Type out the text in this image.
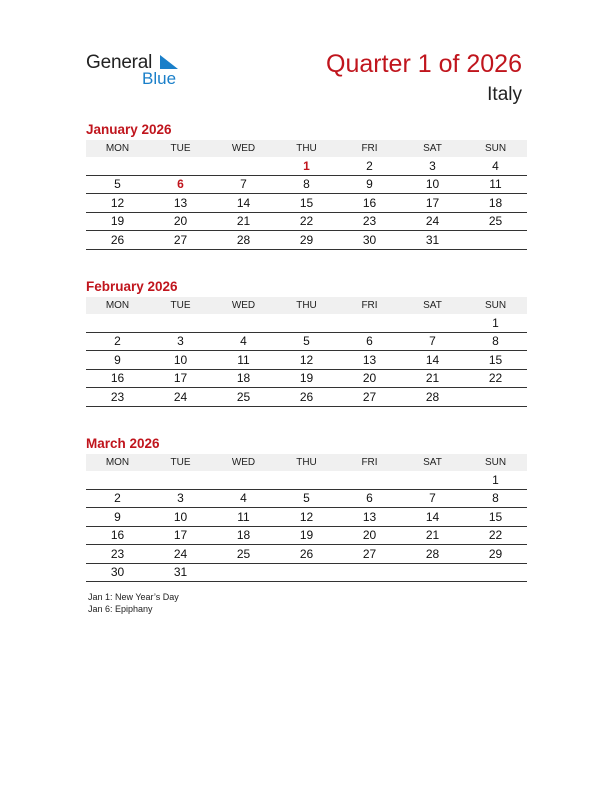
General
Blue
Quarter 1 of 2026
Italy
January 2026
MON	TUE	WED	THU	FRI	SAT	SUN
			1	2	3	4
5	6	7	8	9	10	11
12	13	14	15	16	17	18
19	20	21	22	23	24	25
26	27	28	29	30	31	
February 2026
MON	TUE	WED	THU	FRI	SAT	SUN
						1
2	3	4	5	6	7	8
9	10	11	12	13	14	15
16	17	18	19	20	21	22
23	24	25	26	27	28	
March 2026
MON	TUE	WED	THU	FRI	SAT	SUN
						1
2	3	4	5	6	7	8
9	10	11	12	13	14	15
16	17	18	19	20	21	22
23	24	25	26	27	28	29
30	31					
Jan 1: New Year’s Day
Jan 6: Epiphany
